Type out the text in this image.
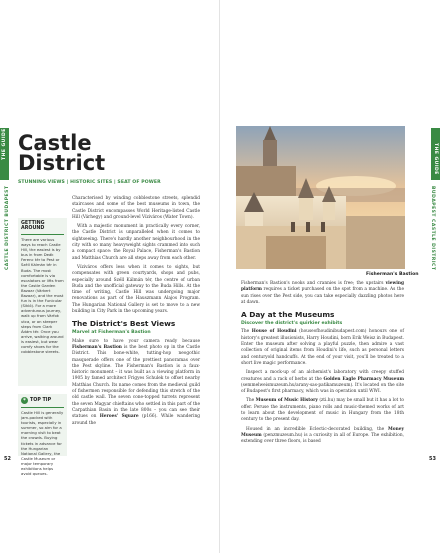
THE GUIDE
CASTLE DISTRICT BUDAPEST
Castle
District
STUNNING VIEWS | HISTORIC SITES | SEAT OF POWER
GETTING AROUND
There are various ways to reach Castle Hill, the easiest is by bus in from Deák Ferenc tér to Pest or Széll Kálmán tér in Buda. The most comfortable is via escalators or lifts from the Castle Garden Bazaar (Várkert Bazaar), and the most fun is in the Funicular (Sikló). For a more adventurous journey, walk up from Várfok utca, or on steeper steps from Clark Ádám tér. Once you arrive, walking around is easiest, but wear comfy shoes for the cobblestone streets.
✶ TOP TIP
Castle Hill is generally jam-packed with tourists, especially in summer, so aim for a morning visit to beat the crowds. Buying tickets in advance for the Hungarian National Gallery, the Castle Museum or major temporary exhibitions helps avoid queues.

Characterised by winding cobblestone streets, splendid staircases and some of the best museums in town, the Castle District encompasses World Heritage-listed Castle Hill (Várhegy) and ground-level Víziváros (Water Town).

With a majestic monument in practically every corner, the Castle District is unparalleled when it comes to sightseeing. There's hardly another neighbourhood in the city with so many heavyweight sights crammed into such a compact space: the Royal Palace, Fisherman's Bastion and Matthias Church are all steps away from each other.

Víziváros offers less when it comes to sights, but compensates with green courtyards, shops and pubs, especially around Széll Kálmán tér, the centre of urban Buda and the unofficial gateway to the Buda Hills. At the time of writing, Castle Hill was undergoing major renovations as part of the Hauszmann Alajos Program. The Hungarian National Gallery is set to move to a new building in City Park in the upcoming years.

The District's Best Views
Marvel at Fisherman's Bastion

Make sure to have your camera ready because Fisherman's Bastion is the best photo op in the Castle District. This bone-white, tutting-hop neogothic masquerade offers one of the prettiest panoramas over the Pest skyline. The Fisherman's Bastion is a faux-historic monument – it was built as a viewing platform in 1905 by famed architect Frigyes Schulek to offset nearby Matthias Church. Its name comes from the medieval guild of fishermen responsible for defending this stretch of the old castle wall. The seven cone-topped turrets represent the seven Magyar chieftains who settled in this part of the Carpathian Basin in the late 800s – you can see their statues on Heroes' Square (p166). While wandering around the

52
THE GUIDE
BUDAPEST CASTLE DISTRICT
53
Fisherman's Bastion

Fisherman's Bastion's nooks and crannies is free; the upstairs viewing platform requires a ticket purchased on the spot from a machine. As the sun rises over the Pest side, you can take especially dazzling photos here at dawn.

A Day at the Museums
Discover the district's quirkier exhibits

The House of Houdini (houseofhoudinibudapest.com) honours one of history's greatest illusionists, Harry Houdini, born Erik Weisz in Budapest. Enter the museum after solving a playful puzzle, then admire a vast collection of original items from Houdini's life, such as personal letters and centuryold handcuffs. At the end of your visit, you'll be treated to a short live magic performance.

Inspect a mock-up of an alchemist's laboratory with creepy stuffed creatures and a rack of herbs at the Golden Eagle Pharmacy Museum (semmelweismuzeum.hu/arany-sas-patikamuzeum). It's located on the site of Budapest's first pharmacy, which was in operation until WWI.

The Museum of Music History (zti.hu) may be small but it has a lot to offer. Peruse the instruments, piano rolls and music-themed works of art to learn about the development of music in Hungary from the 18th century to the present day.

Housed in an incredible Eclectic-decorated building, the Money Museum (penzmuzeum.hu) is a curiosity in all of Europe. The exhibition, extending over three floors, is based
